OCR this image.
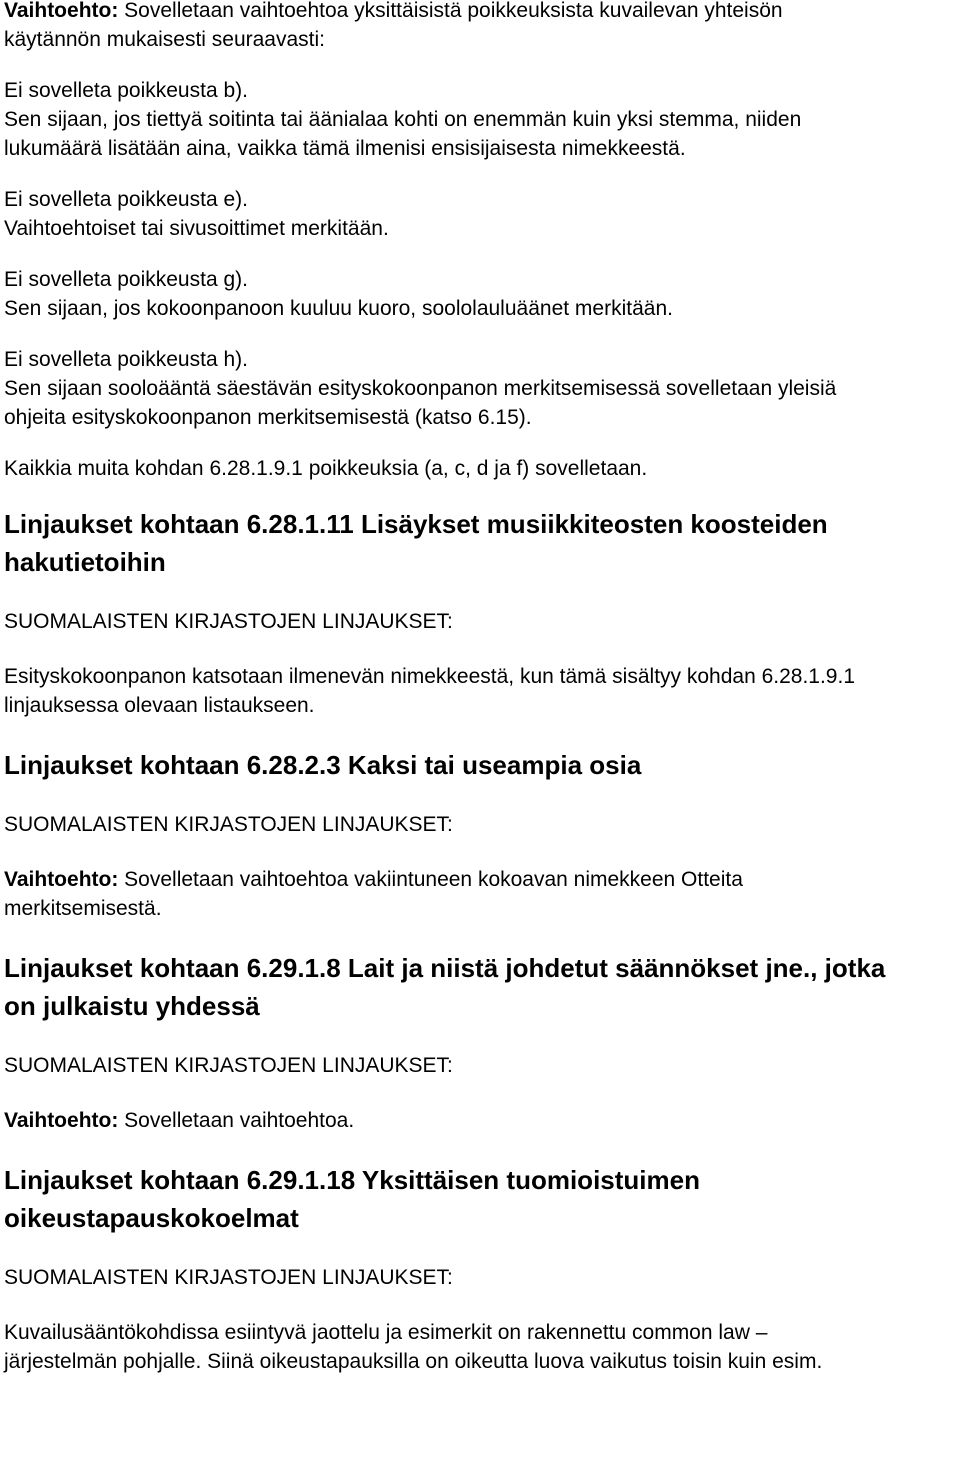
Vaihtoehto: Sovelletaan vaihtoehtoa yksittäisistä poikkeuksista kuvailevan yhteisön

käytännön mukaisesti seuraavasti:

Ei sovelleta poikkeusta b).

Sen sijaan, jos tiettyä soitinta tai äänialaa kohti on enemmän kuin yksi stemma, niiden

lukumäärä lisätään aina, vaikka tämä ilmenisi ensisijaisesta nimekkeestä.

Ei sovelleta poikkeusta e).

Vaihtoehtoiset tai sivusoittimet merkitään.

Ei sovelleta poikkeusta g).

Sen sijaan, jos kokoonpanoon kuuluu kuoro, soololauluäänet merkitään.

Ei sovelleta poikkeusta h).

Sen sijaan sooloääntä säestävän esityskokoonpanon merkitsemisessä sovelletaan yleisiä

ohjeita esityskokoonpanon merkitsemisestä (katso 6.15).

Kaikkia muita kohdan 6.28.1.9.1 poikkeuksia (a, c, d ja f) sovelletaan.

Linjaukset kohtaan 6.28.1.11 Lisäykset musiikkiteosten koosteiden

hakutietoihin

SUOMALAISTEN KIRJASTOJEN LINJAUKSET:

Esityskokoonpanon katsotaan ilmenevän nimekkeestä, kun tämä sisältyy kohdan 6.28.1.9.1

linjauksessa olevaan listaukseen.

Linjaukset kohtaan 6.28.2.3 Kaksi tai useampia osia

SUOMALAISTEN KIRJASTOJEN LINJAUKSET:

Vaihtoehto: Sovelletaan vaihtoehtoa vakiintuneen kokoavan nimekkeen Otteita

merkitsemisestä.

Linjaukset kohtaan 6.29.1.8 Lait ja niistä johdetut säännökset jne., jotka

on julkaistu yhdessä

SUOMALAISTEN KIRJASTOJEN LINJAUKSET:

Vaihtoehto: Sovelletaan vaihtoehtoa.

Linjaukset kohtaan 6.29.1.18 Yksittäisen tuomioistuimen

oikeustapauskokoelmat

SUOMALAISTEN KIRJASTOJEN LINJAUKSET:

Kuvailusääntökohdissa esiintyvä jaottelu ja esimerkit on rakennettu common law –

järjestelmän pohjalle. Siinä oikeustapauksilla on oikeutta luova vaikutus toisin kuin esim.
